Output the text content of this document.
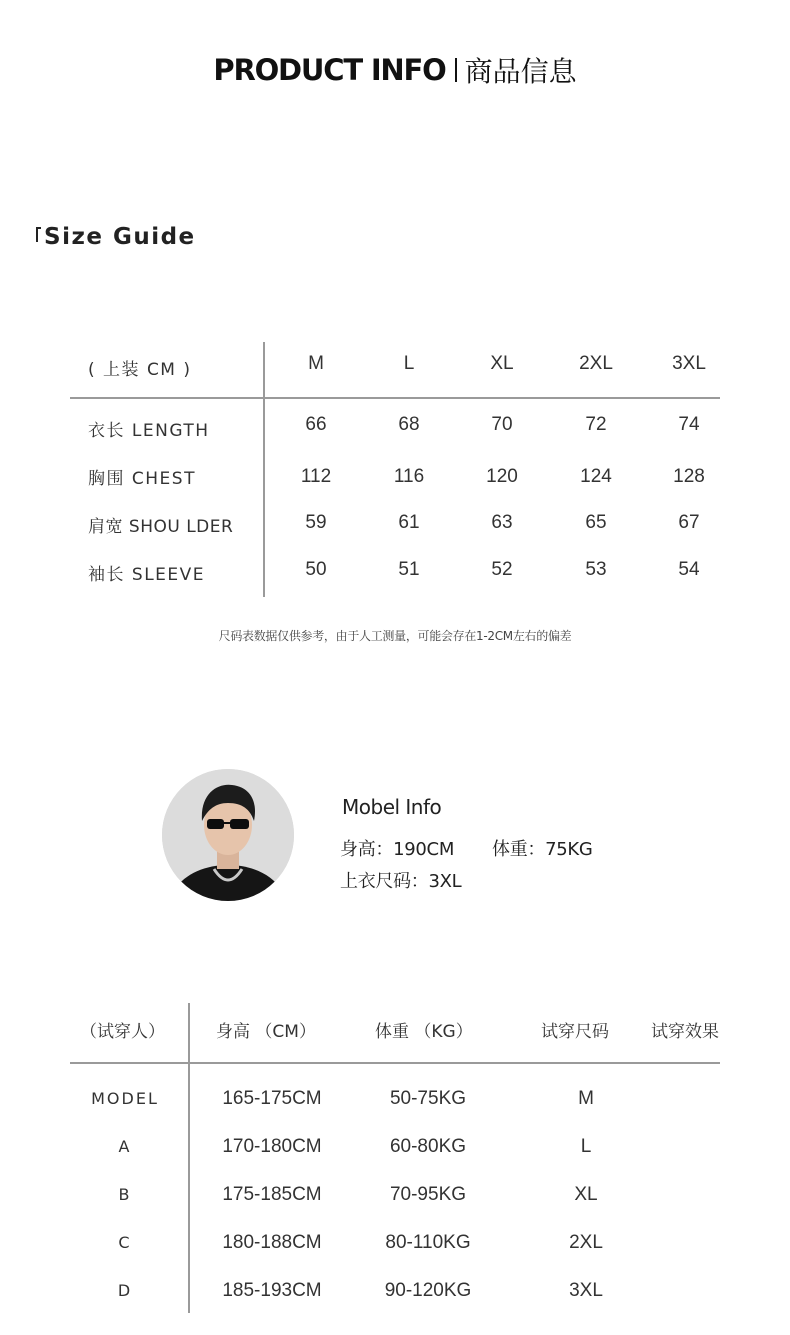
PRODUCT INFO 商品信息
Size Guide
( 上装 CM )	M	L	XL	2XL	3XL
衣长 LENGTH	66	68	70	72	74
胸围 CHEST	112	116	120	124	128
肩宽 SHOU LDER	59	61	63	65	67
袖长 SLEEVE	50	51	52	53	54
尺码表数据仅供参考，由于人工测量，可能会存在1-2CM左右的偏差
Mobel Info
身高：190CM 体重：75KG
上衣尺码：3XL
（试穿人）	身高 （CM）	体重 （KG）	试穿尺码 试穿效果
MODEL	165-175CM	50-75KG	M
A	170-180CM	60-80KG	L
B	175-185CM	70-95KG	XL
C	180-188CM	80-110KG	2XL
D	185-193CM	90-120KG	3XL
